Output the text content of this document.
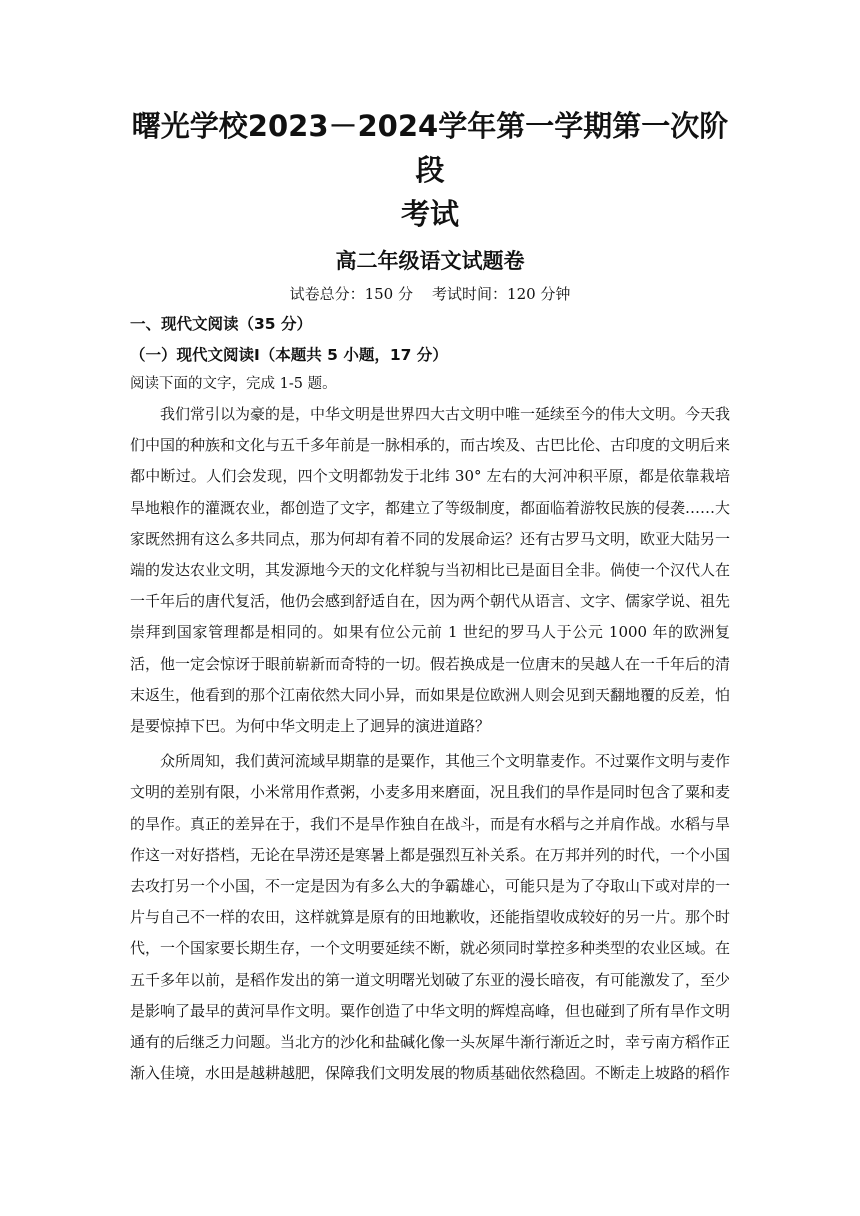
曙光学校2023－2024学年第一学期第一次阶段
考试
高二年级语文试题卷

试卷总分：150 分    考试时间：120 分钟

一、现代文阅读（35 分）

（一）现代文阅读Ⅰ（本题共 5 小题，17 分）

阅读下面的文字，完成 1-5 题。

我们常引以为豪的是，中华文明是世界四大古文明中唯一延续至今的伟大文明。今天我们中国的种族和文化与五千多年前是一脉相承的，而古埃及、古巴比伦、古印度的文明后来都中断过。人们会发现，四个文明都勃发于北纬 30° 左右的大河冲积平原，都是依靠栽培旱地粮作的灌溉农业，都创造了文字，都建立了等级制度，都面临着游牧民族的侵袭……大家既然拥有这么多共同点，那为何却有着不同的发展命运？还有古罗马文明，欧亚大陆另一端的发达农业文明，其发源地今天的文化样貌与当初相比已是面目全非。倘使一个汉代人在一千年后的唐代复活，他仍会感到舒适自在，因为两个朝代从语言、文字、儒家学说、祖先崇拜到国家管理都是相同的。如果有位公元前 1 世纪的罗马人于公元 1000 年的欧洲复活，他一定会惊讶于眼前崭新而奇特的一切。假若换成是一位唐末的吴越人在一千年后的清末返生，他看到的那个江南依然大同小异，而如果是位欧洲人则会见到天翻地覆的反差，怕是要惊掉下巴。为何中华文明走上了迥异的演进道路？

众所周知，我们黄河流域早期靠的是粟作，其他三个文明靠麦作。不过粟作文明与麦作文明的差别有限，小米常用作煮粥，小麦多用来磨面，况且我们的旱作是同时包含了粟和麦的旱作。真正的差异在于，我们不是旱作独自在战斗，而是有水稻与之并肩作战。水稻与旱作这一对好搭档，无论在旱涝还是寒暑上都是强烈互补关系。在万邦并列的时代，一个小国去攻打另一个小国，不一定是因为有多么大的争霸雄心，可能只是为了夺取山下或对岸的一片与自己不一样的农田，这样就算是原有的田地歉收，还能指望收成较好的另一片。那个时代，一个国家要长期生存，一个文明要延续不断，就必须同时掌控多种类型的农业区域。在五千多年以前，是稻作发出的第一道文明曙光划破了东亚的漫长暗夜，有可能激发了，至少是影响了最早的黄河旱作文明。粟作创造了中华文明的辉煌高峰，但也碰到了所有旱作文明通有的后继乏力问题。当北方的沙化和盐碱化像一头灰犀牛渐行渐近之时，幸亏南方稻作正渐入佳境，水田是越耕越肥，保障我们文明发展的物质基础依然稳固。不断走上坡路的稻作
